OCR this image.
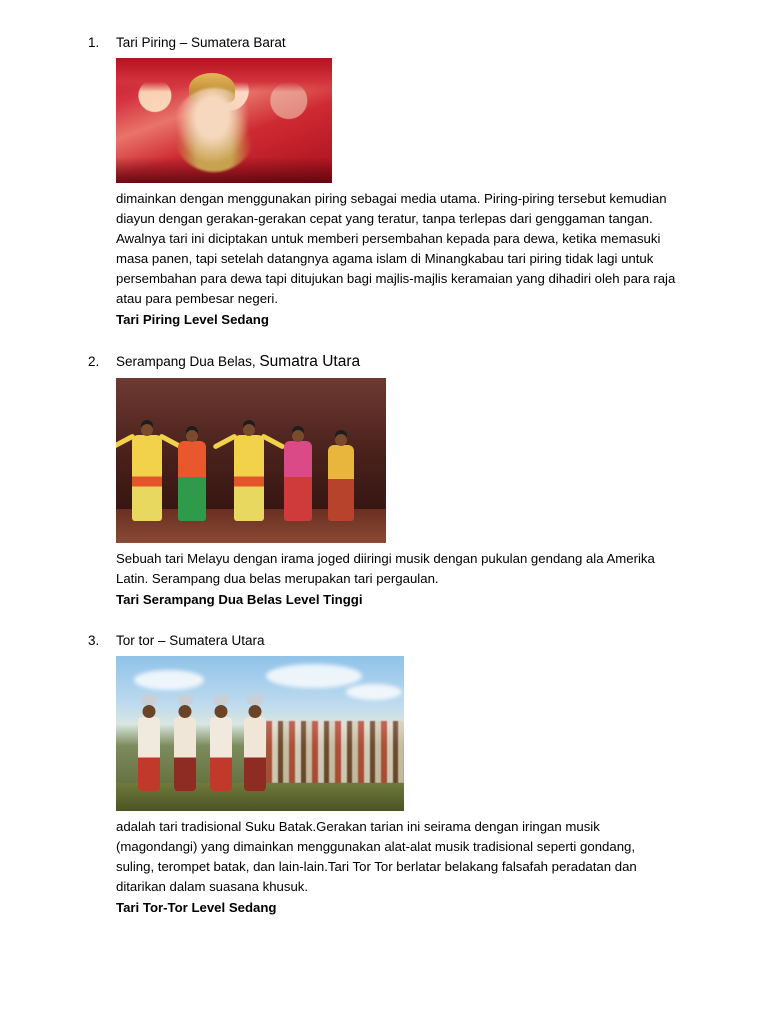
1.	Tari Piring – Sumatera Barat
dimainkan dengan menggunakan piring sebagai media utama. Piring-piring tersebut kemudian diayun dengan gerakan-gerakan cepat yang teratur, tanpa terlepas dari genggaman tangan. Awalnya tari ini diciptakan untuk memberi persembahan kepada para dewa, ketika memasuki masa panen, tapi setelah datangnya agama islam di Minangkabau tari piring tidak lagi untuk persembahan para dewa tapi ditujukan bagi majlis-majlis keramaian yang dihadiri oleh para raja atau para pembesar negeri.
Tari Piring Level Sedang
2.	Serampang Dua Belas, Sumatra Utara
Sebuah tari Melayu dengan irama joged diiringi musik dengan pukulan gendang ala Amerika Latin. Serampang dua belas merupakan tari pergaulan.
Tari Serampang Dua Belas Level Tinggi
3.	Tor tor – Sumatera Utara
adalah tari tradisional Suku Batak.Gerakan tarian ini seirama dengan iringan musik (magondangi) yang dimainkan menggunakan alat-alat musik tradisional seperti gondang, suling, terompet batak, dan lain-lain.Tari Tor Tor berlatar belakang falsafah peradatan dan ditarikan dalam suasana khusuk.
Tari Tor-Tor Level Sedang
